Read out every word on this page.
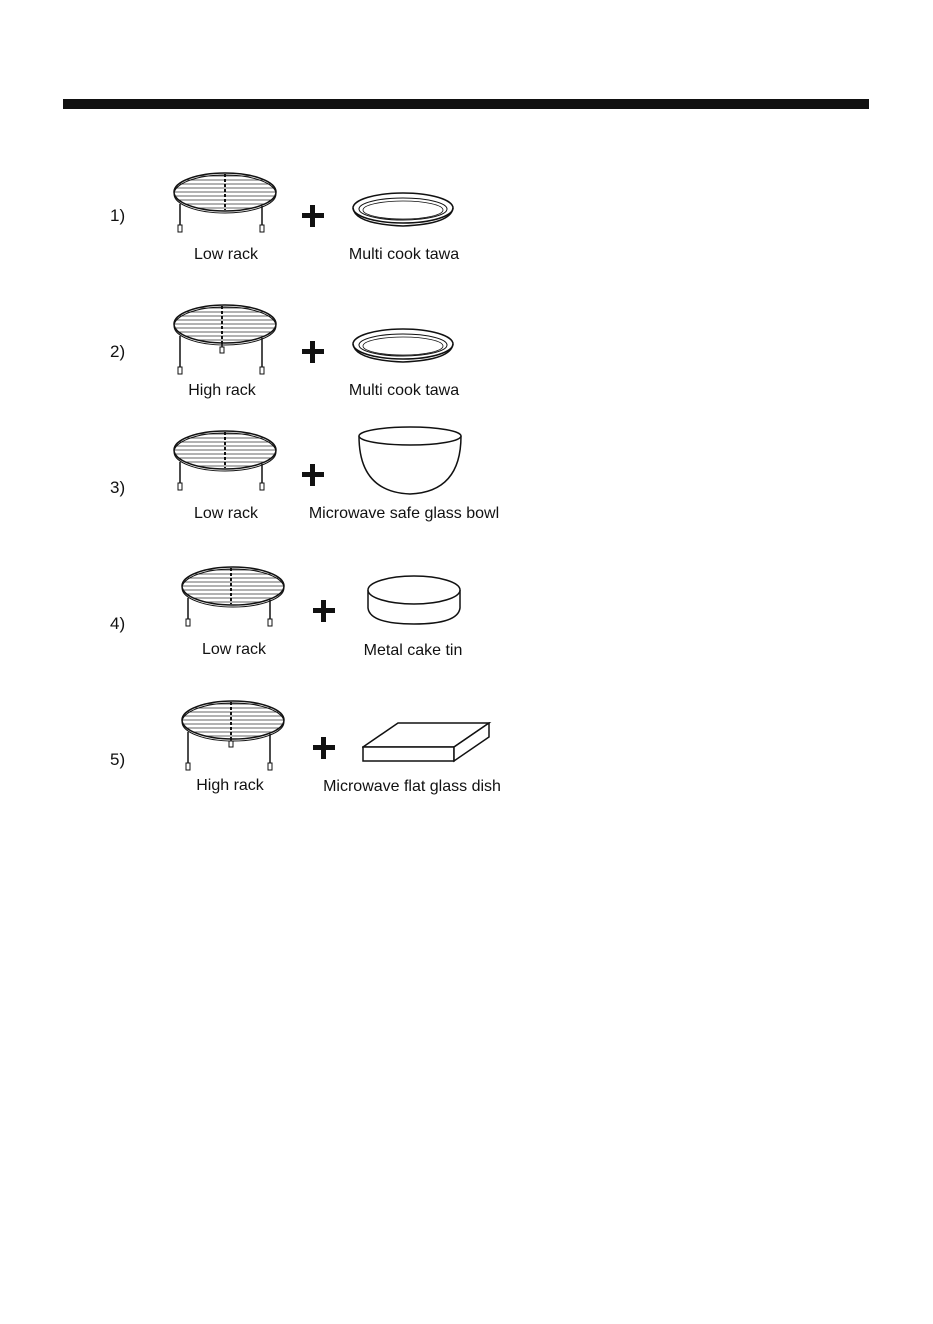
1)
Low rack	Multi cook tawa
2)
High rack	Multi cook tawa
3)
Low rack	Microwave safe glass bowl
4)
Low rack	Metal cake tin
5)
High rack	Microwave flat glass dish
